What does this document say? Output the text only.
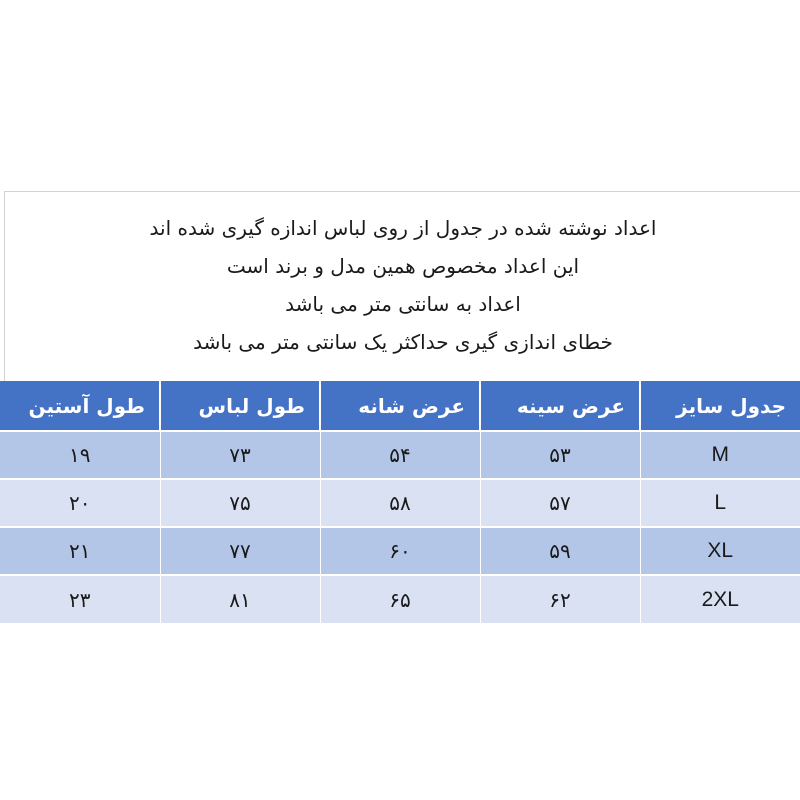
اعداد نوشته شده در جدول از روی لباس اندازه گیری شده اند
این اعداد مخصوص همین مدل و برند است
اعداد به سانتی متر می باشد
خطای اندازی گیری حداکثر یک سانتی متر می باشد
جدول سایز	عرض سینه	عرض شانه	طول لباس	طول آستین
M	۵۳	۵۴	۷۳	۱۹
L	۵۷	۵۸	۷۵	۲۰
XL	۵۹	۶۰	۷۷	۲۱
2XL	۶۲	۶۵	۸۱	۲۳
